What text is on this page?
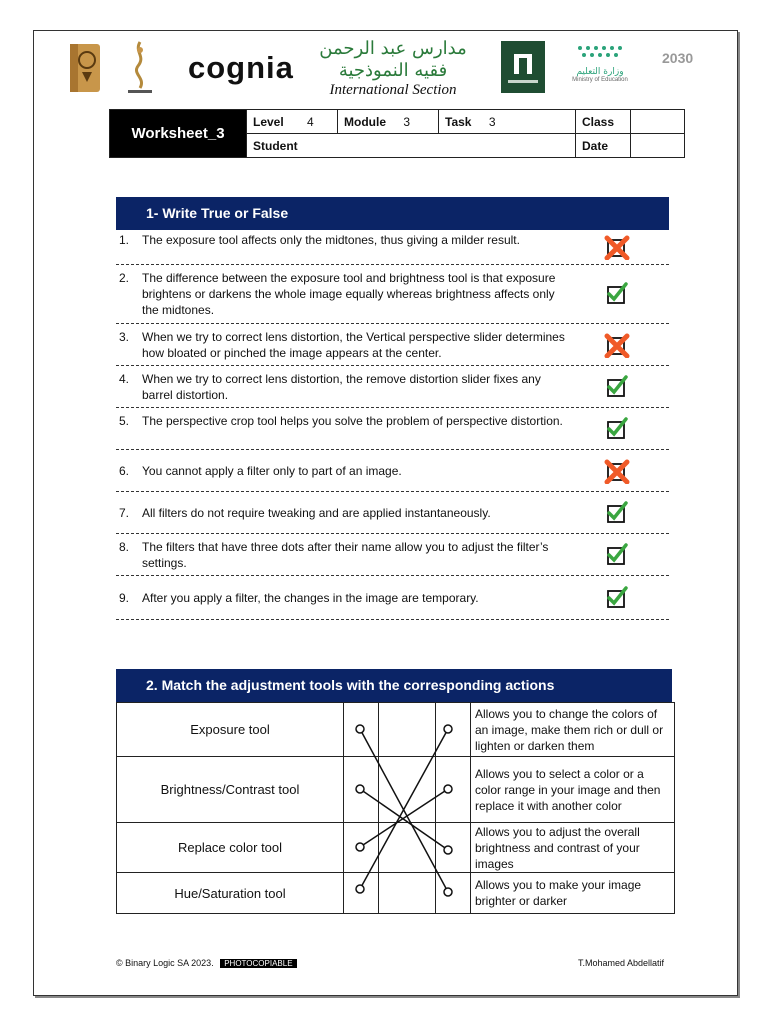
cognia
مدارس عبد الرحمن فقيه النموذجية
International Section
وزارة التعليم
Ministry of Education
2030
Worksheet_3	Level 4	Module 3	Task 3	Class	
	Student			Date	
1- Write True or False
1. The exposure tool affects only the midtones, thus giving a milder result.
2. The difference between the exposure tool and brightness tool is that exposure brightens or darkens the whole image equally whereas brightness affects only the midtones.
3. When we try to correct lens distortion, the Vertical perspective slider determines how bloated or pinched the image appears at the center.
4. When we try to correct lens distortion, the remove distortion slider fixes any barrel distortion.
5. The perspective crop tool helps you solve the problem of perspective distortion.
6. You cannot apply a filter only to part of an image.
7. All filters do not require tweaking and are applied instantaneously.
8. The filters that have three dots after their name allow you to adjust the filter’s settings.
9. After you apply a filter, the changes in the image are temporary.
2. Match the adjustment tools with the corresponding actions
Exposure tool				Allows you to change the colors of an image, make them rich or dull or lighten or darken them
Brightness/Contrast tool				Allows you to select a color or a color range in your image and then replace it with another color
Replace color tool				Allows you to adjust the overall brightness and contrast of your images
Hue/Saturation tool				Allows you to make your image brighter or darker
© Binary Logic SA 2023. PHOTOCOPIABLE	T.Mohamed Abdellatif
